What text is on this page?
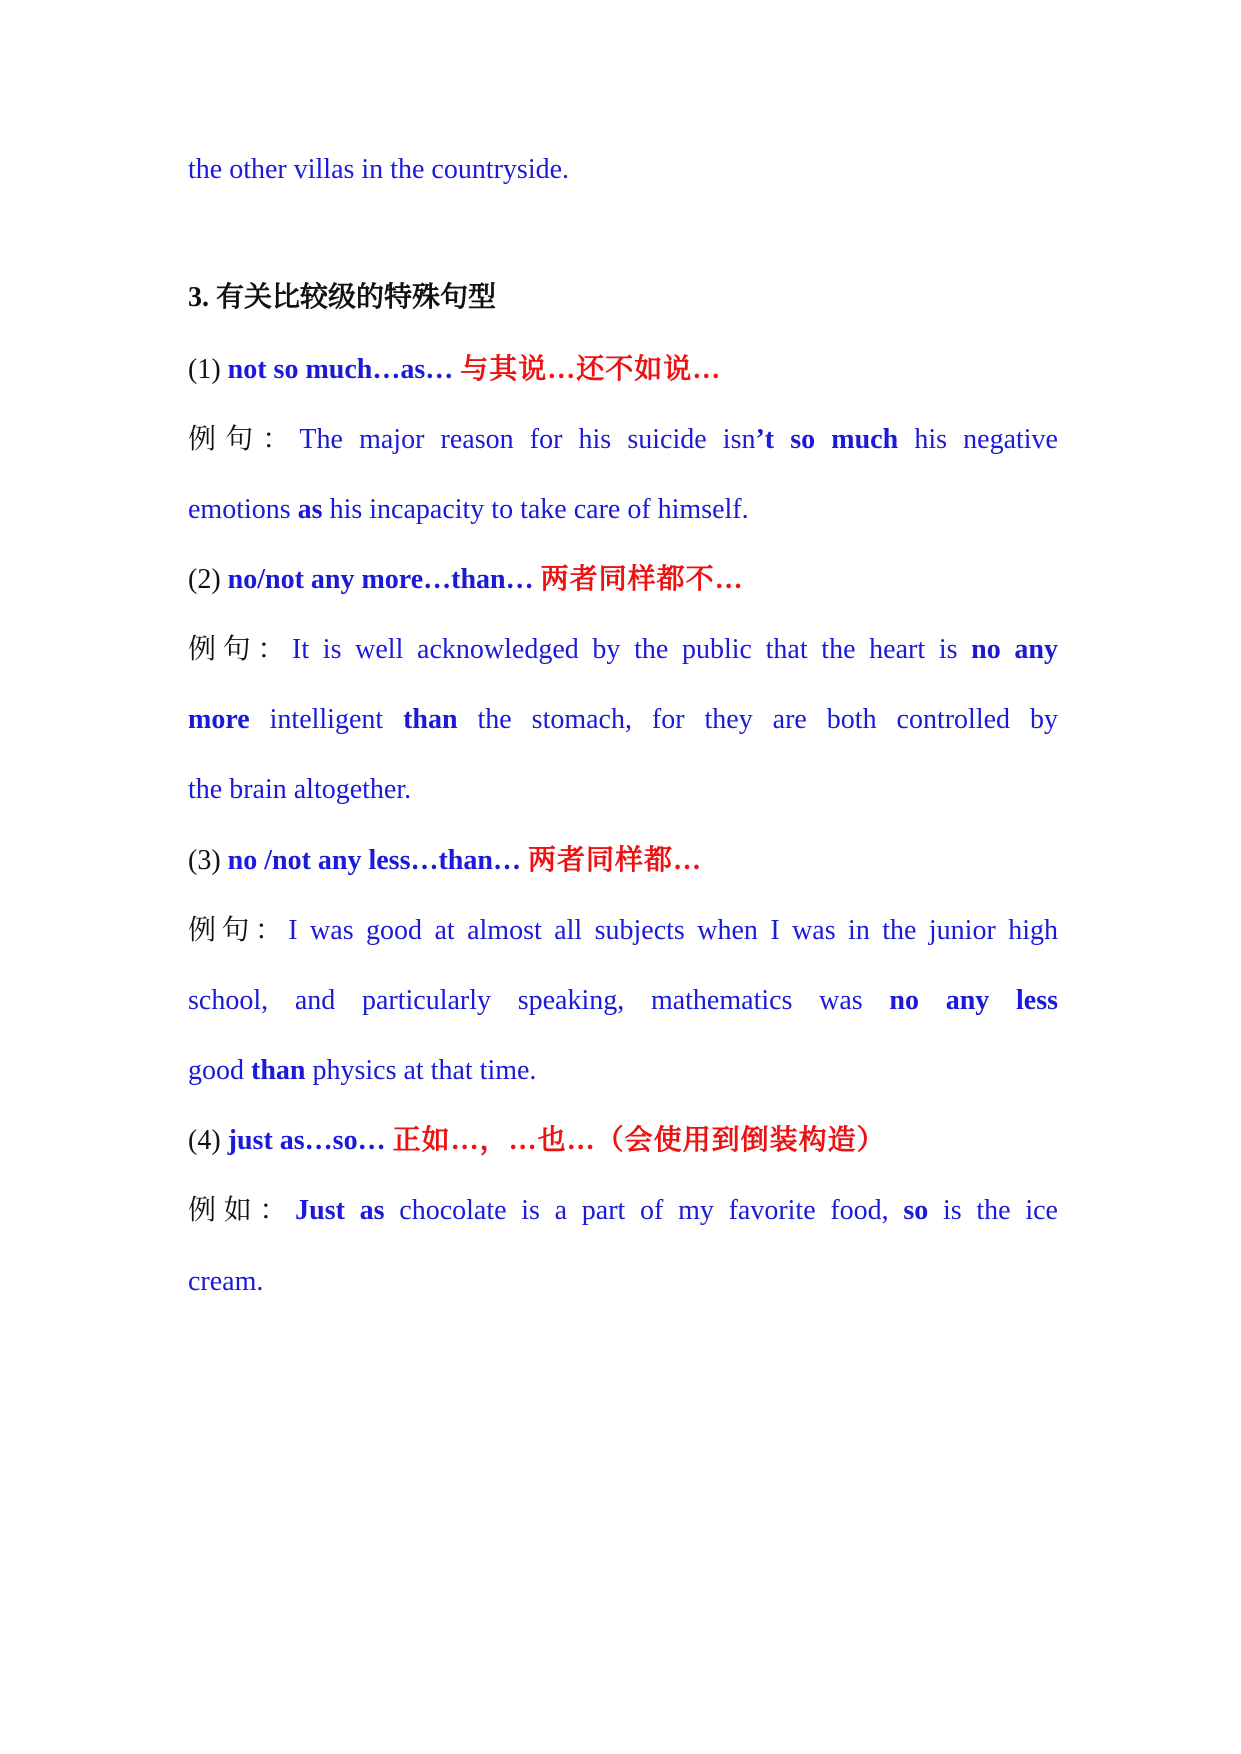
the other villas in the countryside.
3. 有关比较级的特殊句型
(1) not so much…as… 与其说…还不如说…
例句：The major reason for his suicide isn’t so much his negative
emotions as his incapacity to take care of himself.
(2) no/not any more…than… 两者同样都不…
例句：It is well acknowledged by the public that the heart is no any
more intelligent than the stomach, for they are both controlled by
the brain altogether.
(3) no /not any less…than… 两者同样都…
例句：I was good at almost all subjects when I was in the junior high
school, and particularly speaking, mathematics was no any less
good than physics at that time.
(4) just as…so… 正如…，…也…（会使用到倒装构造）
例如：Just as chocolate is a part of my favorite food, so is the ice
cream.
